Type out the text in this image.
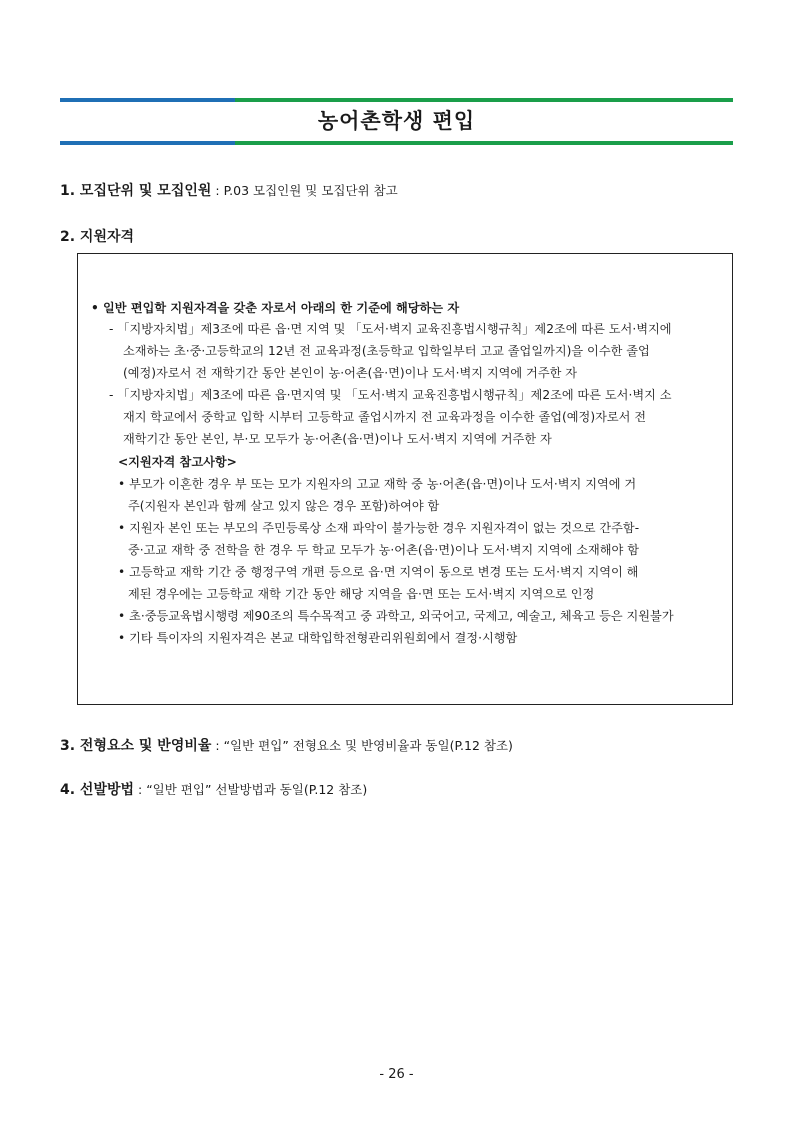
농어촌학생 편입
1. 모집단위 및 모집인원 : P.03 모집인원 및 모집단위 참고
2. 지원자격
• 일반 편입학 지원자격을 갖춘 자로서 아래의 한 기준에 해당하는 자
- 「지방자치법」제3조에 따른 읍·면 지역 및 「도서·벽지 교육진흥법시행규칙」제2조에 따른 도서·벽지에
소재하는 초·중·고등학교의 12년 전 교육과정(초등학교 입학일부터 고교 졸업일까지)을 이수한 졸업
(예정)자로서 전 재학기간 동안 본인이 농·어촌(읍·면)이나 도서·벽지 지역에 거주한 자
- 「지방자치법」제3조에 따른 읍·면지역 및 「도서·벽지 교육진흥법시행규칙」제2조에 따른 도서·벽지 소
재지 학교에서 중학교 입학 시부터 고등학교 졸업시까지 전 교육과정을 이수한 졸업(예정)자로서 전
재학기간 동안 본인, 부·모 모두가 농·어촌(읍·면)이나 도서·벽지 지역에 거주한 자
<지원자격 참고사항>
• 부모가 이혼한 경우 부 또는 모가 지원자의 고교 재학 중 농·어촌(읍·면)이나 도서·벽지 지역에 거
주(지원자 본인과 함께 살고 있지 않은 경우 포함)하여야 함
• 지원자 본인 또는 부모의 주민등록상 소재 파악이 불가능한 경우 지원자격이 없는 것으로 간주함-
중·고교 재학 중 전학을 한 경우 두 학교 모두가 농·어촌(읍·면)이나 도서·벽지 지역에 소재해야 함
• 고등학교 재학 기간 중 행정구역 개편 등으로 읍·면 지역이 동으로 변경 또는 도서·벽지 지역이 해
제된 경우에는 고등학교 재학 기간 동안 해당 지역을 읍·면 또는 도서·벽지 지역으로 인정
• 초·중등교육법시행령 제90조의 특수목적고 중 과학고, 외국어고, 국제고, 예술고, 체육고 등은 지원불가
• 기타 특이자의 지원자격은 본교 대학입학전형관리위원회에서 결정·시행함
3. 전형요소 및 반영비율 : “일반 편입” 전형요소 및 반영비율과 동일(P.12 참조)
4. 선발방법 : “일반 편입” 선발방법과 동일(P.12 참조)
- 26 -
